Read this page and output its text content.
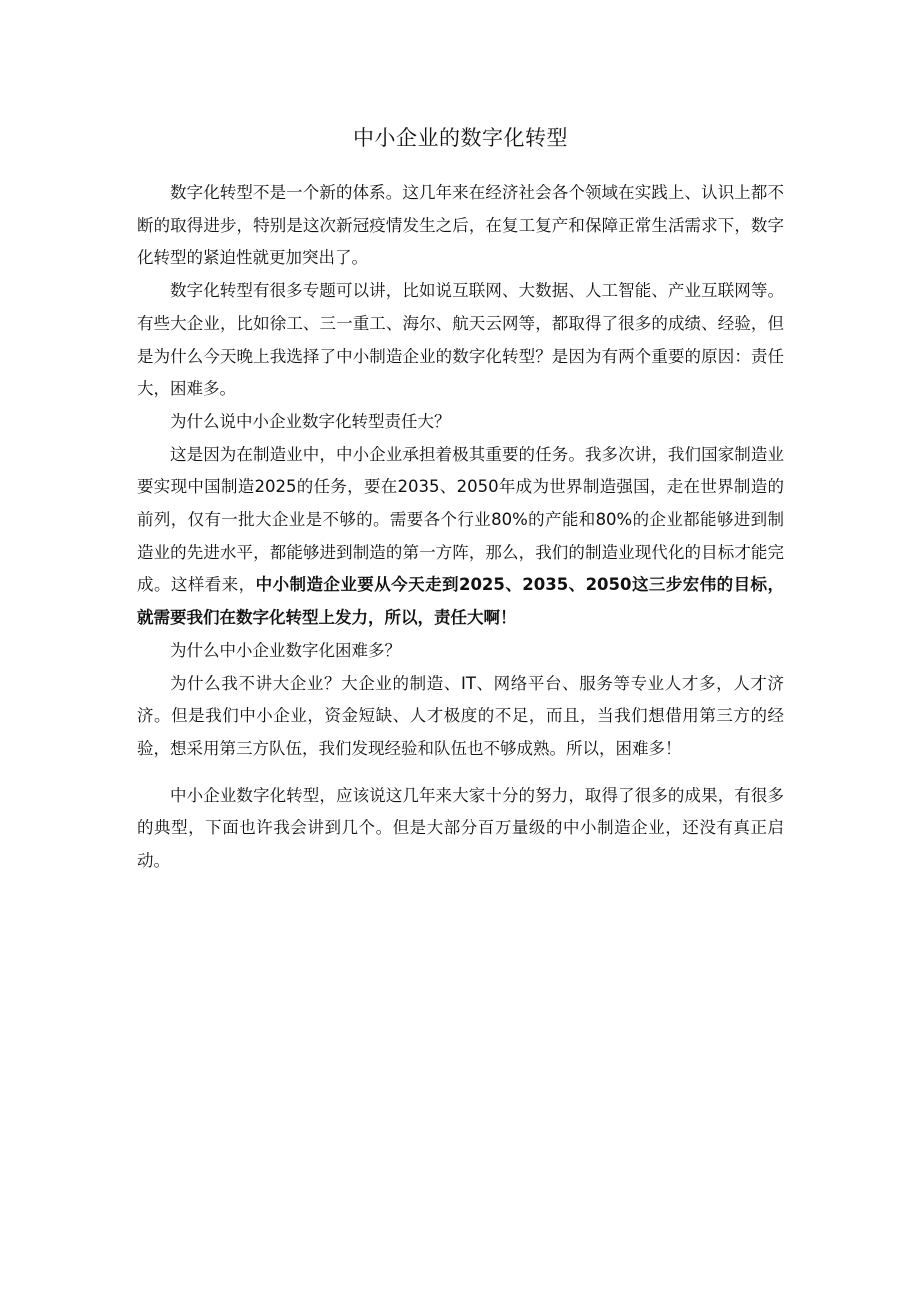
中小企业的数字化转型

数字化转型不是一个新的体系。这几年来在经济社会各个领域在实践上、认识上都不断的取得进步，特别是这次新冠疫情发生之后，在复工复产和保障正常生活需求下，数字化转型的紧迫性就更加突出了。

数字化转型有很多专题可以讲，比如说互联网、大数据、人工智能、产业互联网等。有些大企业，比如徐工、三一重工、海尔、航天云网等，都取得了很多的成绩、经验，但是为什么今天晚上我选择了中小制造企业的数字化转型？是因为有两个重要的原因：责任大，困难多。

为什么说中小企业数字化转型责任大？

这是因为在制造业中，中小企业承担着极其重要的任务。我多次讲，我们国家制造业要实现中国制造2025的任务，要在2035、2050年成为世界制造强国，走在世界制造的前列，仅有一批大企业是不够的。需要各个行业80%的产能和80%的企业都能够进到制造业的先进水平，都能够进到制造的第一方阵，那么，我们的制造业现代化的目标才能完成。这样看来，中小制造企业要从今天走到2025、2035、2050这三步宏伟的目标，就需要我们在数字化转型上发力，所以，责任大啊！

为什么中小企业数字化困难多？

为什么我不讲大企业？大企业的制造、IT、网络平台、服务等专业人才多，人才济济。但是我们中小企业，资金短缺、人才极度的不足，而且，当我们想借用第三方的经验，想采用第三方队伍，我们发现经验和队伍也不够成熟。所以，困难多！

中小企业数字化转型，应该说这几年来大家十分的努力，取得了很多的成果，有很多的典型，下面也许我会讲到几个。但是大部分百万量级的中小制造企业，还没有真正启动。
